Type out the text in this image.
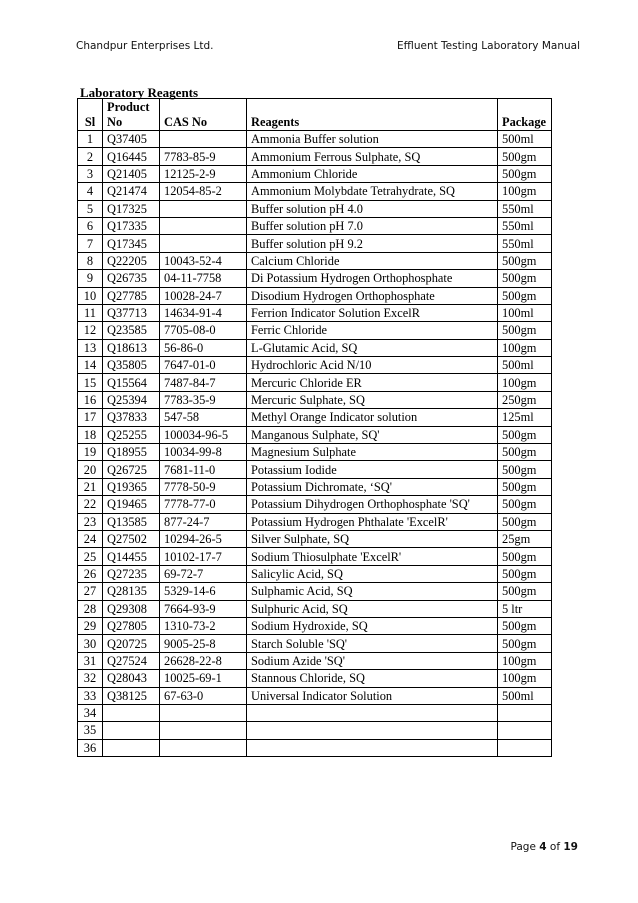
Chandpur Enterprises Ltd.	Effluent Testing Laboratory Manual
Laboratory Reagents
Sl	Product No	CAS No	Reagents	Package
1	Q37405		Ammonia Buffer solution	500ml
2	Q16445	7783-85-9	Ammonium Ferrous Sulphate, SQ	500gm
3	Q21405	12125-2-9	Ammonium Chloride	500gm
4	Q21474	12054-85-2	Ammonium Molybdate Tetrahydrate, SQ	100gm
5	Q17325		Buffer solution pH 4.0	550ml
6	Q17335		Buffer solution pH 7.0	550ml
7	Q17345		Buffer solution pH 9.2	550ml
8	Q22205	10043-52-4	Calcium Chloride	500gm
9	Q26735	04-11-7758	Di Potassium Hydrogen Orthophosphate	500gm
10	Q27785	10028-24-7	Disodium Hydrogen Orthophosphate	500gm
11	Q37713	14634-91-4	Ferrion Indicator Solution ExcelR	100ml
12	Q23585	7705-08-0	Ferric Chloride	500gm
13	Q18613	56-86-0	L-Glutamic Acid, SQ	100gm
14	Q35805	7647-01-0	Hydrochloric Acid N/10	500ml
15	Q15564	7487-84-7	Mercuric Chloride ER	100gm
16	Q25394	7783-35-9	Mercuric Sulphate, SQ	250gm
17	Q37833	547-58	Methyl Orange Indicator solution	125ml
18	Q25255	100034-96-5	Manganous Sulphate, SQ'	500gm
19	Q18955	10034-99-8	Magnesium Sulphate	500gm
20	Q26725	7681-11-0	Potassium Iodide	500gm
21	Q19365	7778-50-9	Potassium Dichromate, ‘SQ'	500gm
22	Q19465	7778-77-0	Potassium Dihydrogen Orthophosphate 'SQ'	500gm
23	Q13585	877-24-7	Potassium Hydrogen Phthalate 'ExcelR'	500gm
24	Q27502	10294-26-5	Silver Sulphate, SQ	25gm
25	Q14455	10102-17-7	Sodium Thiosulphate 'ExcelR'	500gm
26	Q27235	69-72-7	Salicylic Acid, SQ	500gm
27	Q28135	5329-14-6	Sulphamic Acid, SQ	500gm
28	Q29308	7664-93-9	Sulphuric Acid, SQ	5 ltr
29	Q27805	1310-73-2	Sodium Hydroxide, SQ	500gm
30	Q20725	9005-25-8	Starch Soluble 'SQ'	500gm
31	Q27524	26628-22-8	Sodium Azide 'SQ'	100gm
32	Q28043	10025-69-1	Stannous Chloride, SQ	100gm
33	Q38125	67-63-0	Universal Indicator Solution	500ml
34				
35				
36				
Page 4 of 19
